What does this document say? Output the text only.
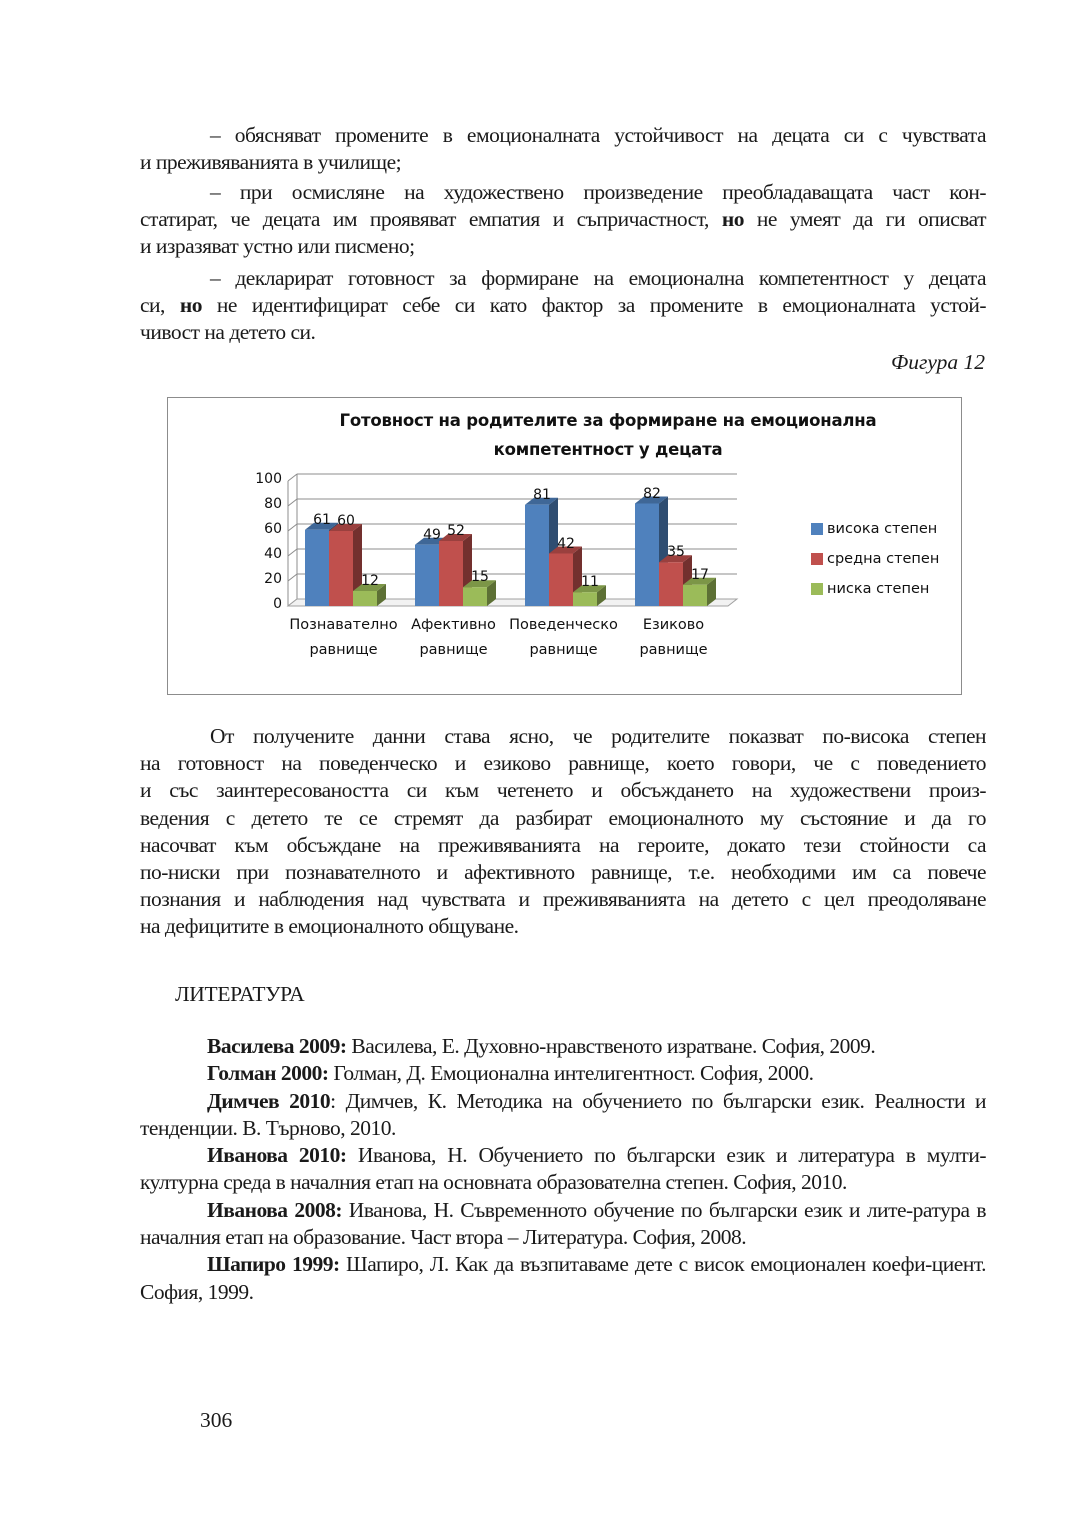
– обясняват промените в емоционалната устойчивост на децата си с чувствата
и преживяванията в училище;
– при осмисляне на художествено произведение преобладаващата част кон-
статират, че децата им проявяват емпатия и съпричастност, но не умеят да ги описват
и изразяват устно или писмено;
– декларират готовност за формиране на емоционална компетентност у децата
си, но не идентифицират себе си като фактор за промените в емоционалната устой-
чивост на детето си.
Фигура 12
Готовност на родителите за формиране на емоционална
компетентност у децата
0
20
40
60
80
100
61 60
12
Познавателно
равнище
49 52
15
Афективно
равнище
81
42
11
Поведенческо
равнище
82
35
17
Езиково
равнище
висока степен
средна степен
ниска степен
От получените данни става ясно, че родителите показват по-висока степен
на готовност на поведенческо и езиково равнище, което говори, че с поведението
и със заинтересоваността си към четенето и обсъждането на художествени произ-
ведения с детето те се стремят да разбират емоционалното му състояние и да го
насочват към обсъждане на преживяванията на героите, докато тези стойности са
по-ниски при познавателното и афективното равнище, т.е. необходими им са повече
познания и наблюдения над чувствата и преживяванията на детето с цел преодоляване
на дефицитите в емоционалното общуване.
ЛИТЕРАТУРА
Василева 2009: Василева, Е. Духовно-нравственото изратване. София, 2009.
Голман 2000: Голман, Д. Емоционална интелигентност. София, 2000.
Димчев 2010: Димчев, К. Методика на обучението по български език. Реалности и тенденции. В. Търново, 2010.
Иванова 2010: Иванова, Н. Обучението по български език и литература в мулти-културна среда в началния етап на основната образователна степен. София, 2010.
Иванова 2008: Иванова, Н. Съвременното обучение по български език и лите-ратура в началния етап на образование. Част втора – Литература. София, 2008.
Шапиро 1999: Шапиро, Л. Как да възпитаваме дете с висок емоционален коефи-циент. София, 1999.
306
